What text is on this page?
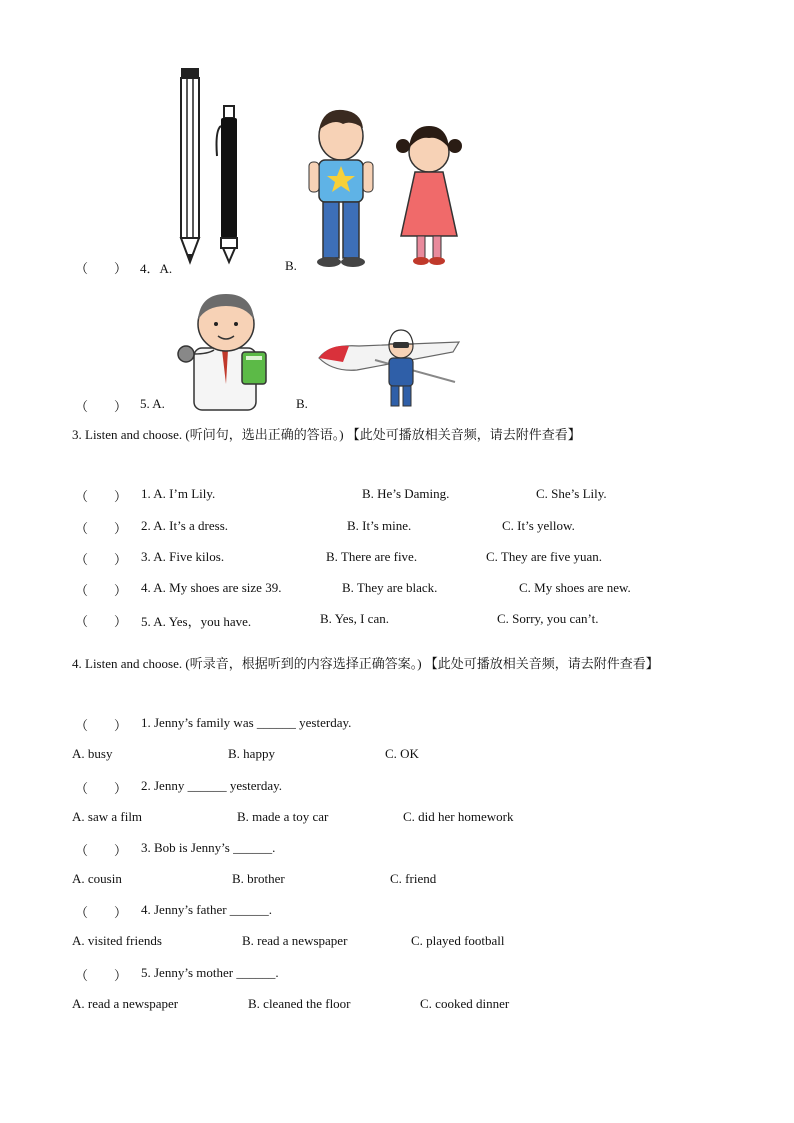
（　　） 4．A.	B.
（　　） 5. A.	B.
3. Listen and choose. (听问句，选出正确的答语。) 【此处可播放相关音频，请去附件查看】
（　　） 1. A. I’m Lily.	B. He’s Daming.	C. She’s Lily.
（　　） 2. A. It’s a dress.	B. It’s mine.	C. It’s yellow.
（　　） 3. A. Five kilos.	B. There are five.	C. They are five yuan.
（　　） 4. A. My shoes are size 39.	B. They are black.	C. My shoes are new.
（　　） 5. A. Yes，you have.	B. Yes, I can.	C. Sorry, you can’t.
4. Listen and choose. (听录音，根据听到的内容选择正确答案。) 【此处可播放相关音频，请去附件查看】
（　　） 1. Jenny’s family was ______ yesterday.
A. busy	B. happy	C. OK
（　　） 2. Jenny ______ yesterday.
A. saw a film	B. made a toy car	C. did her homework
（　　） 3. Bob is Jenny’s ______.
A. cousin	B. brother	C. friend
（　　） 4. Jenny’s father ______.
A. visited friends	B. read a newspaper	C. played football
（　　） 5. Jenny’s mother ______.
A. read a newspaper	B. cleaned the floor	C. cooked dinner
